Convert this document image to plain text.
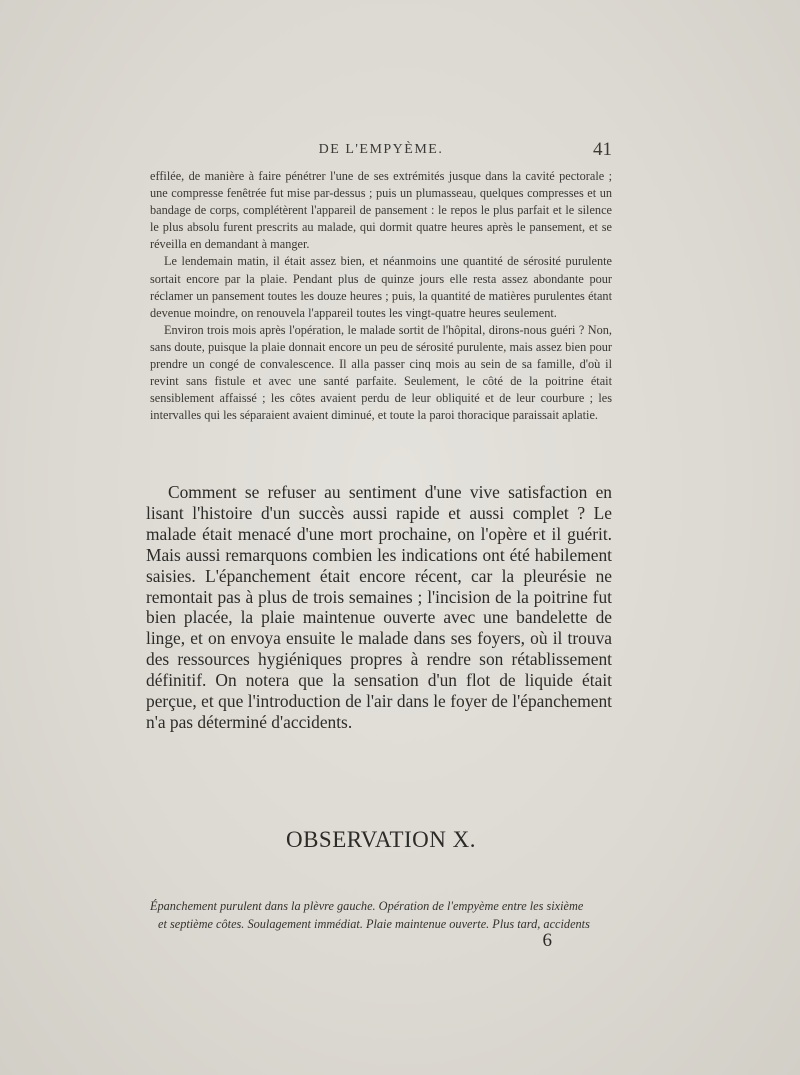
DE L'EMPYÈME.	41

effilée, de manière à faire pénétrer l'une de ses extrémités jusque dans la cavité pectorale ; une compresse fenêtrée fut mise par-dessus ; puis un plumasseau, quelques compresses et un bandage de corps, complétèrent l'appareil de pansement : le repos le plus parfait et le silence le plus absolu furent prescrits au malade, qui dormit quatre heures après le pansement, et se réveilla en demandant à manger.

Le lendemain matin, il était assez bien, et néanmoins une quantité de sérosité purulente sortait encore par la plaie. Pendant plus de quinze jours elle resta assez abondante pour réclamer un pansement toutes les douze heures ; puis, la quantité de matières purulentes étant devenue moindre, on renouvela l'appareil toutes les vingt-quatre heures seulement.

Environ trois mois après l'opération, le malade sortit de l'hôpital, dirons-nous guéri ? Non, sans doute, puisque la plaie donnait encore un peu de sérosité purulente, mais assez bien pour prendre un congé de convalescence. Il alla passer cinq mois au sein de sa famille, d'où il revint sans fistule et avec une santé parfaite. Seulement, le côté de la poitrine était sensiblement affaissé ; les côtes avaient perdu de leur obliquité et de leur courbure ; les intervalles qui les séparaient avaient diminué, et toute la paroi thoracique paraissait aplatie.

Comment se refuser au sentiment d'une vive satisfaction en lisant l'histoire d'un succès aussi rapide et aussi complet ? Le malade était menacé d'une mort prochaine, on l'opère et il guérit. Mais aussi remarquons combien les indications ont été habilement saisies. L'épanchement était encore récent, car la pleurésie ne remontait pas à plus de trois semaines ; l'incision de la poitrine fut bien placée, la plaie maintenue ouverte avec une bandelette de linge, et on envoya ensuite le malade dans ses foyers, où il trouva des ressources hygiéniques propres à rendre son rétablissement définitif. On notera que la sensation d'un flot de liquide était perçue, et que l'introduction de l'air dans le foyer de l'épanchement n'a pas déterminé d'accidents.

OBSERVATION X.
Épanchement purulent dans la plèvre gauche. Opération de l'empyème entre les sixième
et septième côtes. Soulagement immédiat. Plaie maintenue ouverte. Plus tard, accidents
6
